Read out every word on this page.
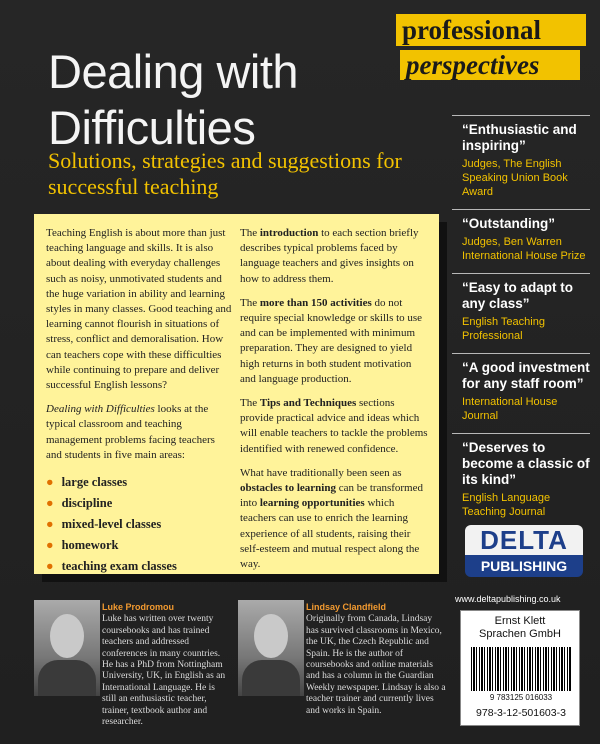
professional
perspectives
Dealing with
Difficulties
Solutions, strategies and suggestions for successful teaching
“Enthusiastic and inspiring”
Judges, The English Speaking Union Book Award
“Outstanding”
Judges, Ben Warren International House Prize
“Easy to adapt to any class”
English Teaching Professional
“A good investment for any staff room”
International House Journal
“Deserves to become a classic of its kind”
English Language Teaching Journal

Teaching English is about more than just teaching language and skills. It is also about dealing with everyday challenges such as noisy, unmotivated students and the huge variation in ability and learning styles in many classes. Good teaching and learning cannot flourish in situations of stress, conflict and demoralisation. How can teachers cope with these difficulties while continuing to prepare and deliver successful English lessons?

Dealing with Difficulties looks at the typical classroom and teaching management problems facing teachers and students in five main areas:

● large classes
● discipline
● mixed-level classes
● homework
● teaching exam classes

The introduction to each section briefly describes typical problems faced by language teachers and gives insights on how to address them.

The more than 150 activities do not require special knowledge or skills to use and can be implemented with minimum preparation. They are designed to yield high returns in both student motivation and language production.

The Tips and Techniques sections provide practical advice and ideas which will enable teachers to tackle the problems identified with renewed confidence.

What have traditionally been seen as obstacles to learning can be transformed into learning opportunities which teachers can use to enrich the learning experience of all students, raising their self-esteem and mutual respect along the way.

DELTA
PUBLISHING
www.deltapublishing.co.uk
Luke Prodromou
Luke has written over twenty coursebooks and has trained teachers and addressed conferences in many countries. He has a PhD from Nottingham University, UK, in English as an International Language. He is still an enthusiastic teacher, trainer, textbook author and researcher.
Lindsay Clandfield
Originally from Canada, Lindsay has survived classrooms in Mexico, the UK, the Czech Republic and Spain. He is the author of coursebooks and online materials and has a column in the Guardian Weekly newspaper. Lindsay is also a teacher trainer and currently lives and works in Spain.
Ernst Klett
Sprachen GmbH
9 783125 016033
978-3-12-501603-3
